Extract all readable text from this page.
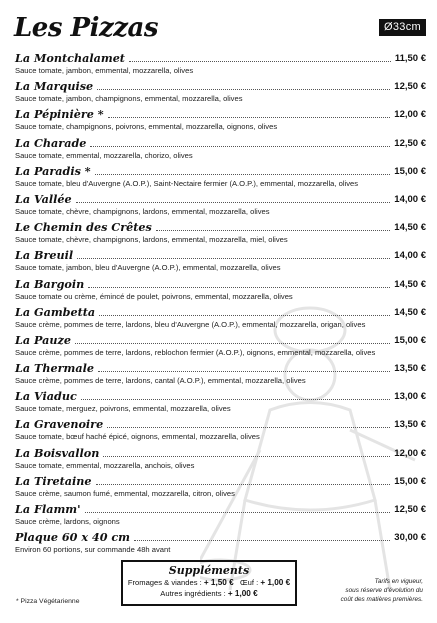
Les Pizzas	Ø33cm
La Montchalamet	11,50 €
Sauce tomate, jambon, emmental, mozzarella, olives
La Marquise	12,50 €
Sauce tomate, jambon, champignons, emmental, mozzarella, olives
La Pépinière *	12,00 €
Sauce tomate, champignons, poivrons, emmental, mozzarella, oignons, olives
La Charade	12,50 €
Sauce tomate, emmental, mozzarella, chorizo, olives
La Paradis *	15,00 €
Sauce tomate, bleu d'Auvergne (A.O.P.), Saint-Nectaire fermier (A.O.P.), emmental, mozzarella, olives
La Vallée	14,00 €
Sauce tomate, chèvre, champignons, lardons, emmental, mozzarella, olives
Le Chemin des Crêtes	14,50 €
Sauce tomate, chèvre, champignons, lardons, emmental, mozzarella, miel, olives
La Breuil	14,00 €
Sauce tomate, jambon, bleu d'Auvergne (A.O.P.), emmental, mozzarella, olives
La Bargoin	14,50 €
Sauce tomate ou crème, émincé de poulet, poivrons, emmental, mozzarella, olives
La Gambetta	14,50 €
Sauce crème, pommes de terre, lardons, bleu d'Auvergne (A.O.P.), emmental, mozzarella, origan, olives
La Pauze	15,00 €
Sauce crème, pommes de terre, lardons, reblochon fermier (A.O.P.), oignons, emmental, mozzarella, olives
La Thermale	13,50 €
Sauce crème, pommes de terre, lardons, cantal (A.O.P.), emmental, mozzarella, olives
La Viaduc	13,00 €
Sauce tomate, merguez, poivrons, emmental, mozzarella, olives
La Gravenoire	13,50 €
Sauce tomate, bœuf haché épicé, oignons, emmental, mozzarella, olives
La Boisvallon	12,00 €
Sauce tomate, emmental, mozzarella, anchois, olives
La Tiretaine	15,00 €
Sauce crème, saumon fumé, emmental, mozzarella, citron, olives
La Flamm'	12,50 €
Sauce crème, lardons, oignons
Plaque 60 x 40 cm	30,00 €
Environ 60 portions, sur commande 48h avant
Suppléments
Fromages & viandes : + 1,50 € Œuf : + 1,00 €
Autres ingrédients : + 1,00 €
Tarifs en vigueur,
sous réserve d'évolution du
coût des matières premières.
* Pizza Végétarienne
